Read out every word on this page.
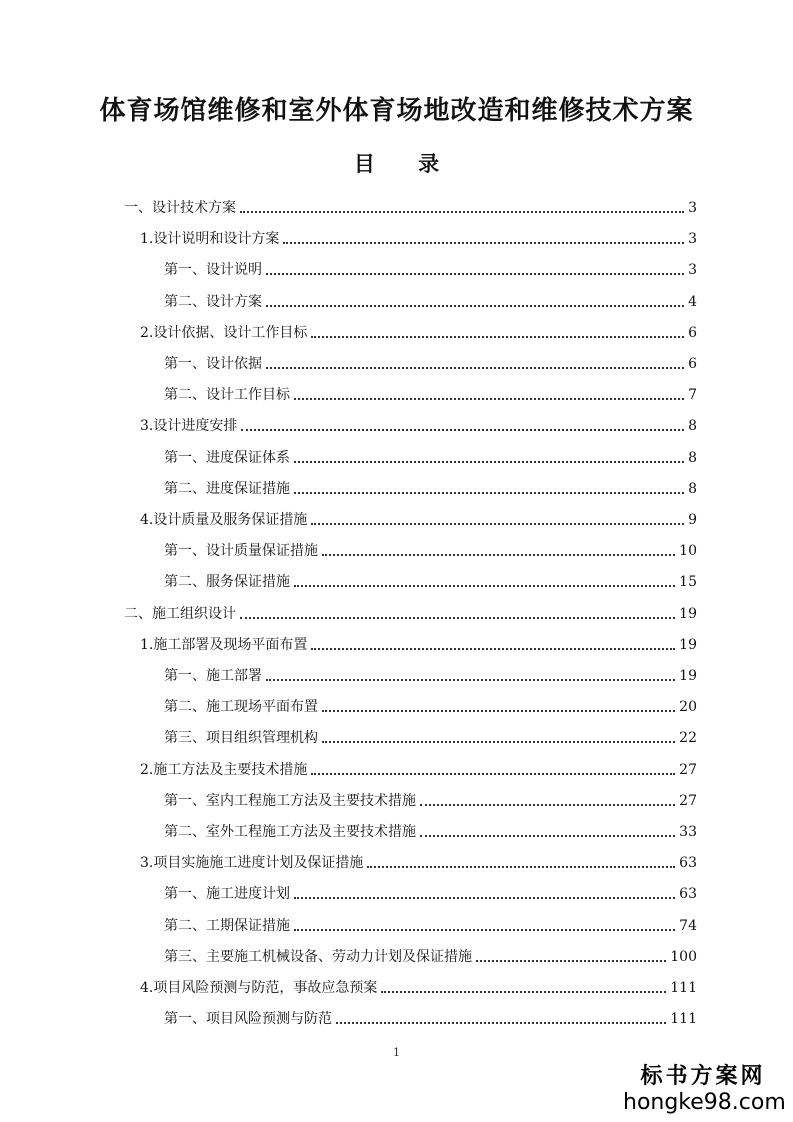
体育场馆维修和室外体育场地改造和维修技术方案
目 录
一、设计技术方案	3
1.设计说明和设计方案	3
第一、设计说明	3
第二、设计方案	4
2.设计依据、设计工作目标	6
第一、设计依据	6
第二、设计工作目标	7
3.设计进度安排	8
第一、进度保证体系	8
第二、进度保证措施	8
4.设计质量及服务保证措施	9
第一、设计质量保证措施	10
第二、服务保证措施	15
二、施工组织设计	19
1.施工部署及现场平面布置	19
第一、施工部署	19
第二、施工现场平面布置	20
第三、项目组织管理机构	22
2.施工方法及主要技术措施	27
第一、室内工程施工方法及主要技术措施	27
第二、室外工程施工方法及主要技术措施	33
3.项目实施施工进度计划及保证措施	63
第一、施工进度计划	63
第二、工期保证措施	74
第三、主要施工机械设备、劳动力计划及保证措施	100
4.项目风险预测与防范，事故应急预案	111
第一、项目风险预测与防范	111
1
标书方案网
hongke98.com
